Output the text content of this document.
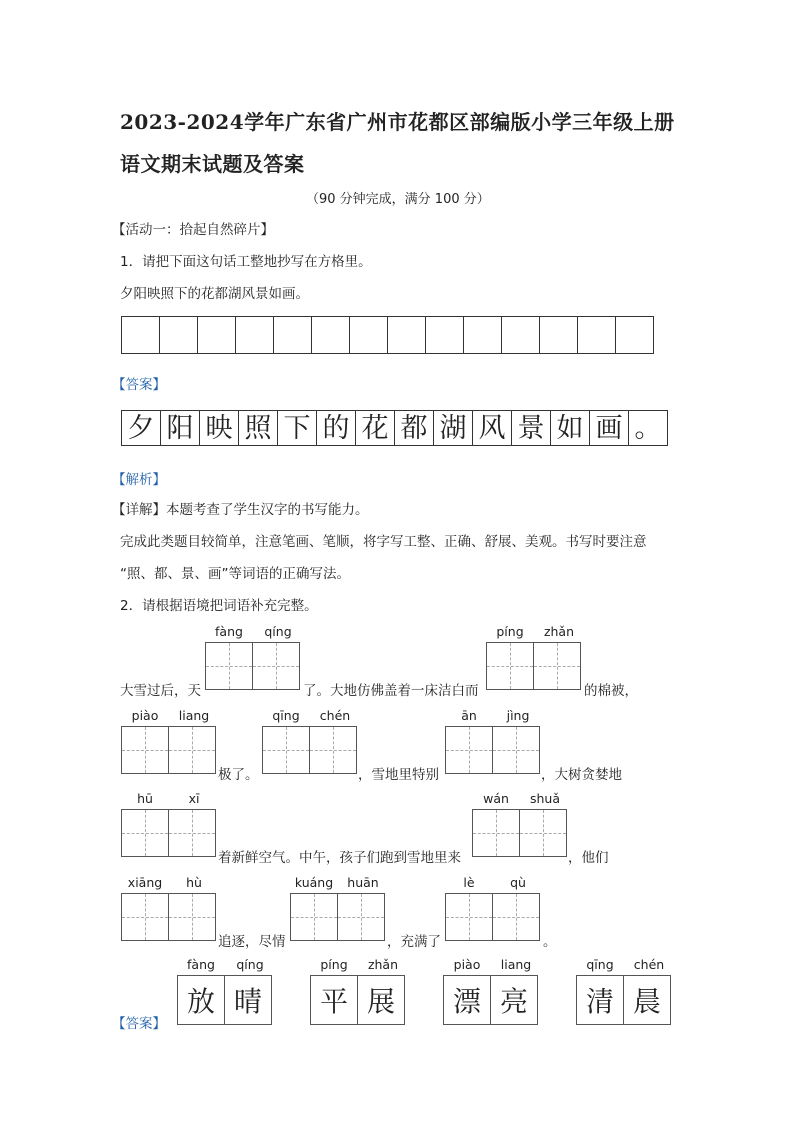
2023-2024学年广东省广州市花都区部编版小学三年级上册
语文期末试题及答案
（90 分钟完成，满分 100 分）
【活动一：拾起自然碎片】
1．请把下面这句话工整地抄写在方格里。
夕阳映照下的花都湖风景如画。
【答案】
夕 阳 映 照 下 的 花 都 湖 风 景 如 画 。
【解析】
【详解】本题考查了学生汉字的书写能力。
完成此类题目较简单，注意笔画、笔顺，将字写工整、正确、舒展、美观。书写时要注意
“照、都、景、画”等词语的正确写法。
2．请根据语境把词语补充完整。
fàng	qíng	píng	zhǎn
大雪过后，天	了。大地仿佛盖着一床洁白而	的棉被，
piào	liang	qīng	chén	ān	jìng
极了。	，雪地里特别	，大树贪婪地
hū	xī	wán	shuǎ
着新鲜空气。中午，孩子们跑到雪地里来	，他们
xiāng	hù	kuáng	huān	lè	qù
追逐，尽情	，充满了	。
fàng	qíng
放 晴
píng	zhǎn
平 展
piào	liang
漂 亮
qīng	chén
清 晨
【答案】
